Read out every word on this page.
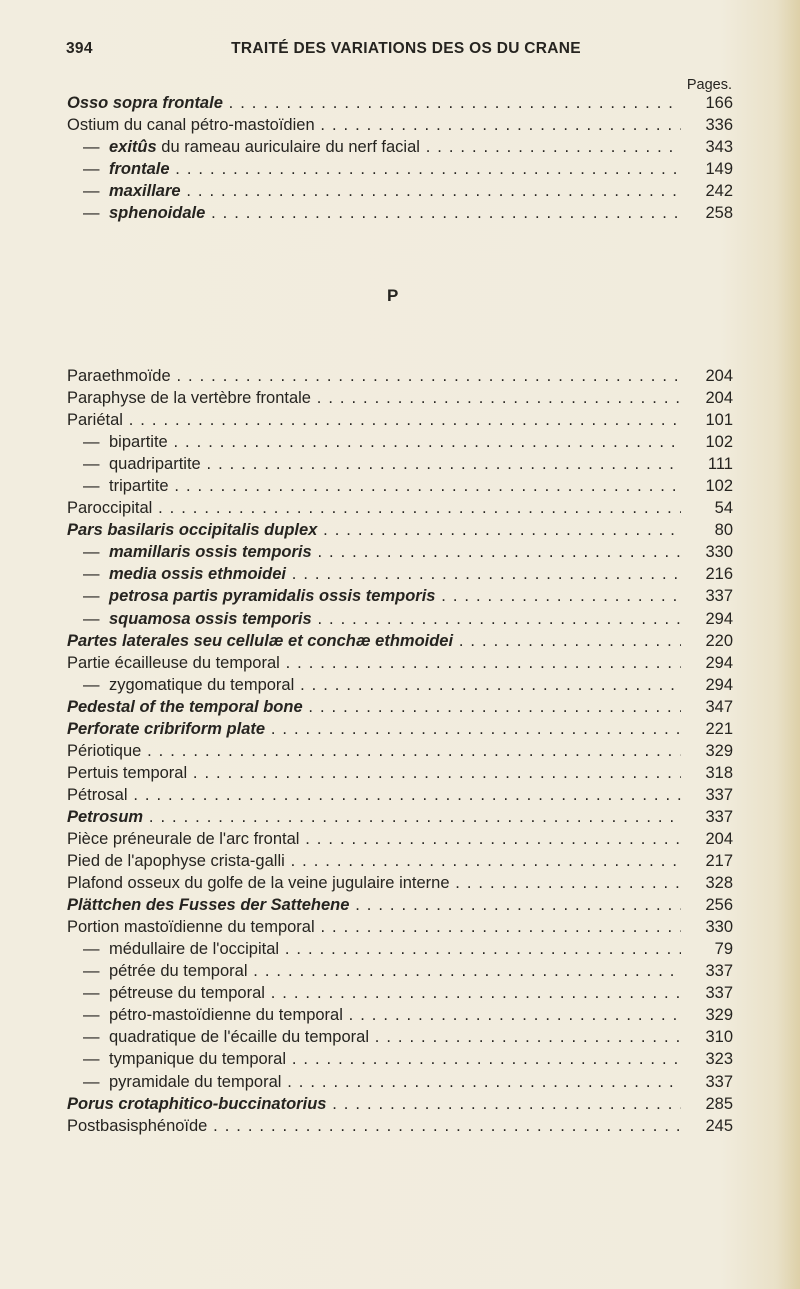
394	TRAITÉ DES VARIATIONS DES OS DU CRANE
Pages.
Osso sopra frontale . . .	166
Ostium du canal pétro-mastoïdien . . .	336
— exitûs du rameau auriculaire du nerf facial . . .	343
— frontale . . .	149
— maxillare . . .	242
— sphenoidale . . .	258
P
Paraethmoïde . . .	204
Paraphyse de la vertèbre frontale . . .	204
Pariétal . . .	101
— bipartite . . .	102
— quadripartite . . .	111
— tripartite . . .	102
Paroccipital . . .	54
Pars basilaris occipitalis duplex . . .	80
— mamillaris ossis temporis . . .	330
— media ossis ethmoidei . . .	216
— petrosa partis pyramidalis ossis temporis . . .	337
— squamosa ossis temporis . . .	294
Partes laterales seu cellulæ et conchæ ethmoidei . . .	220
Partie écailleuse du temporal . . .	294
— zygomatique du temporal . . .	294
Pedestal of the temporal bone . . .	347
Perforate cribriform plate . . .	221
Périotique . . .	329
Pertuis temporal . . .	318
Pétrosal . . .	337
Petrosum . . .	337
Pièce préneurale de l'arc frontal . . .	204
Pied de l'apophyse crista-galli . . .	217
Plafond osseux du golfe de la veine jugulaire interne . . .	328
Plättchen des Fusses der Sattehene . . .	256
Portion mastoïdienne du temporal . . .	330
— médullaire de l'occipital . . .	79
— pétrée du temporal . . .	337
— pétreuse du temporal . . .	337
— pétro-mastoïdienne du temporal . . .	329
— quadratique de l'écaille du temporal . . .	310
— tympanique du temporal . . .	323
— pyramidale du temporal . . .	337
Porus crotaphitico-buccinatorius . . .	285
Postbasisphénoïde . . .	245
